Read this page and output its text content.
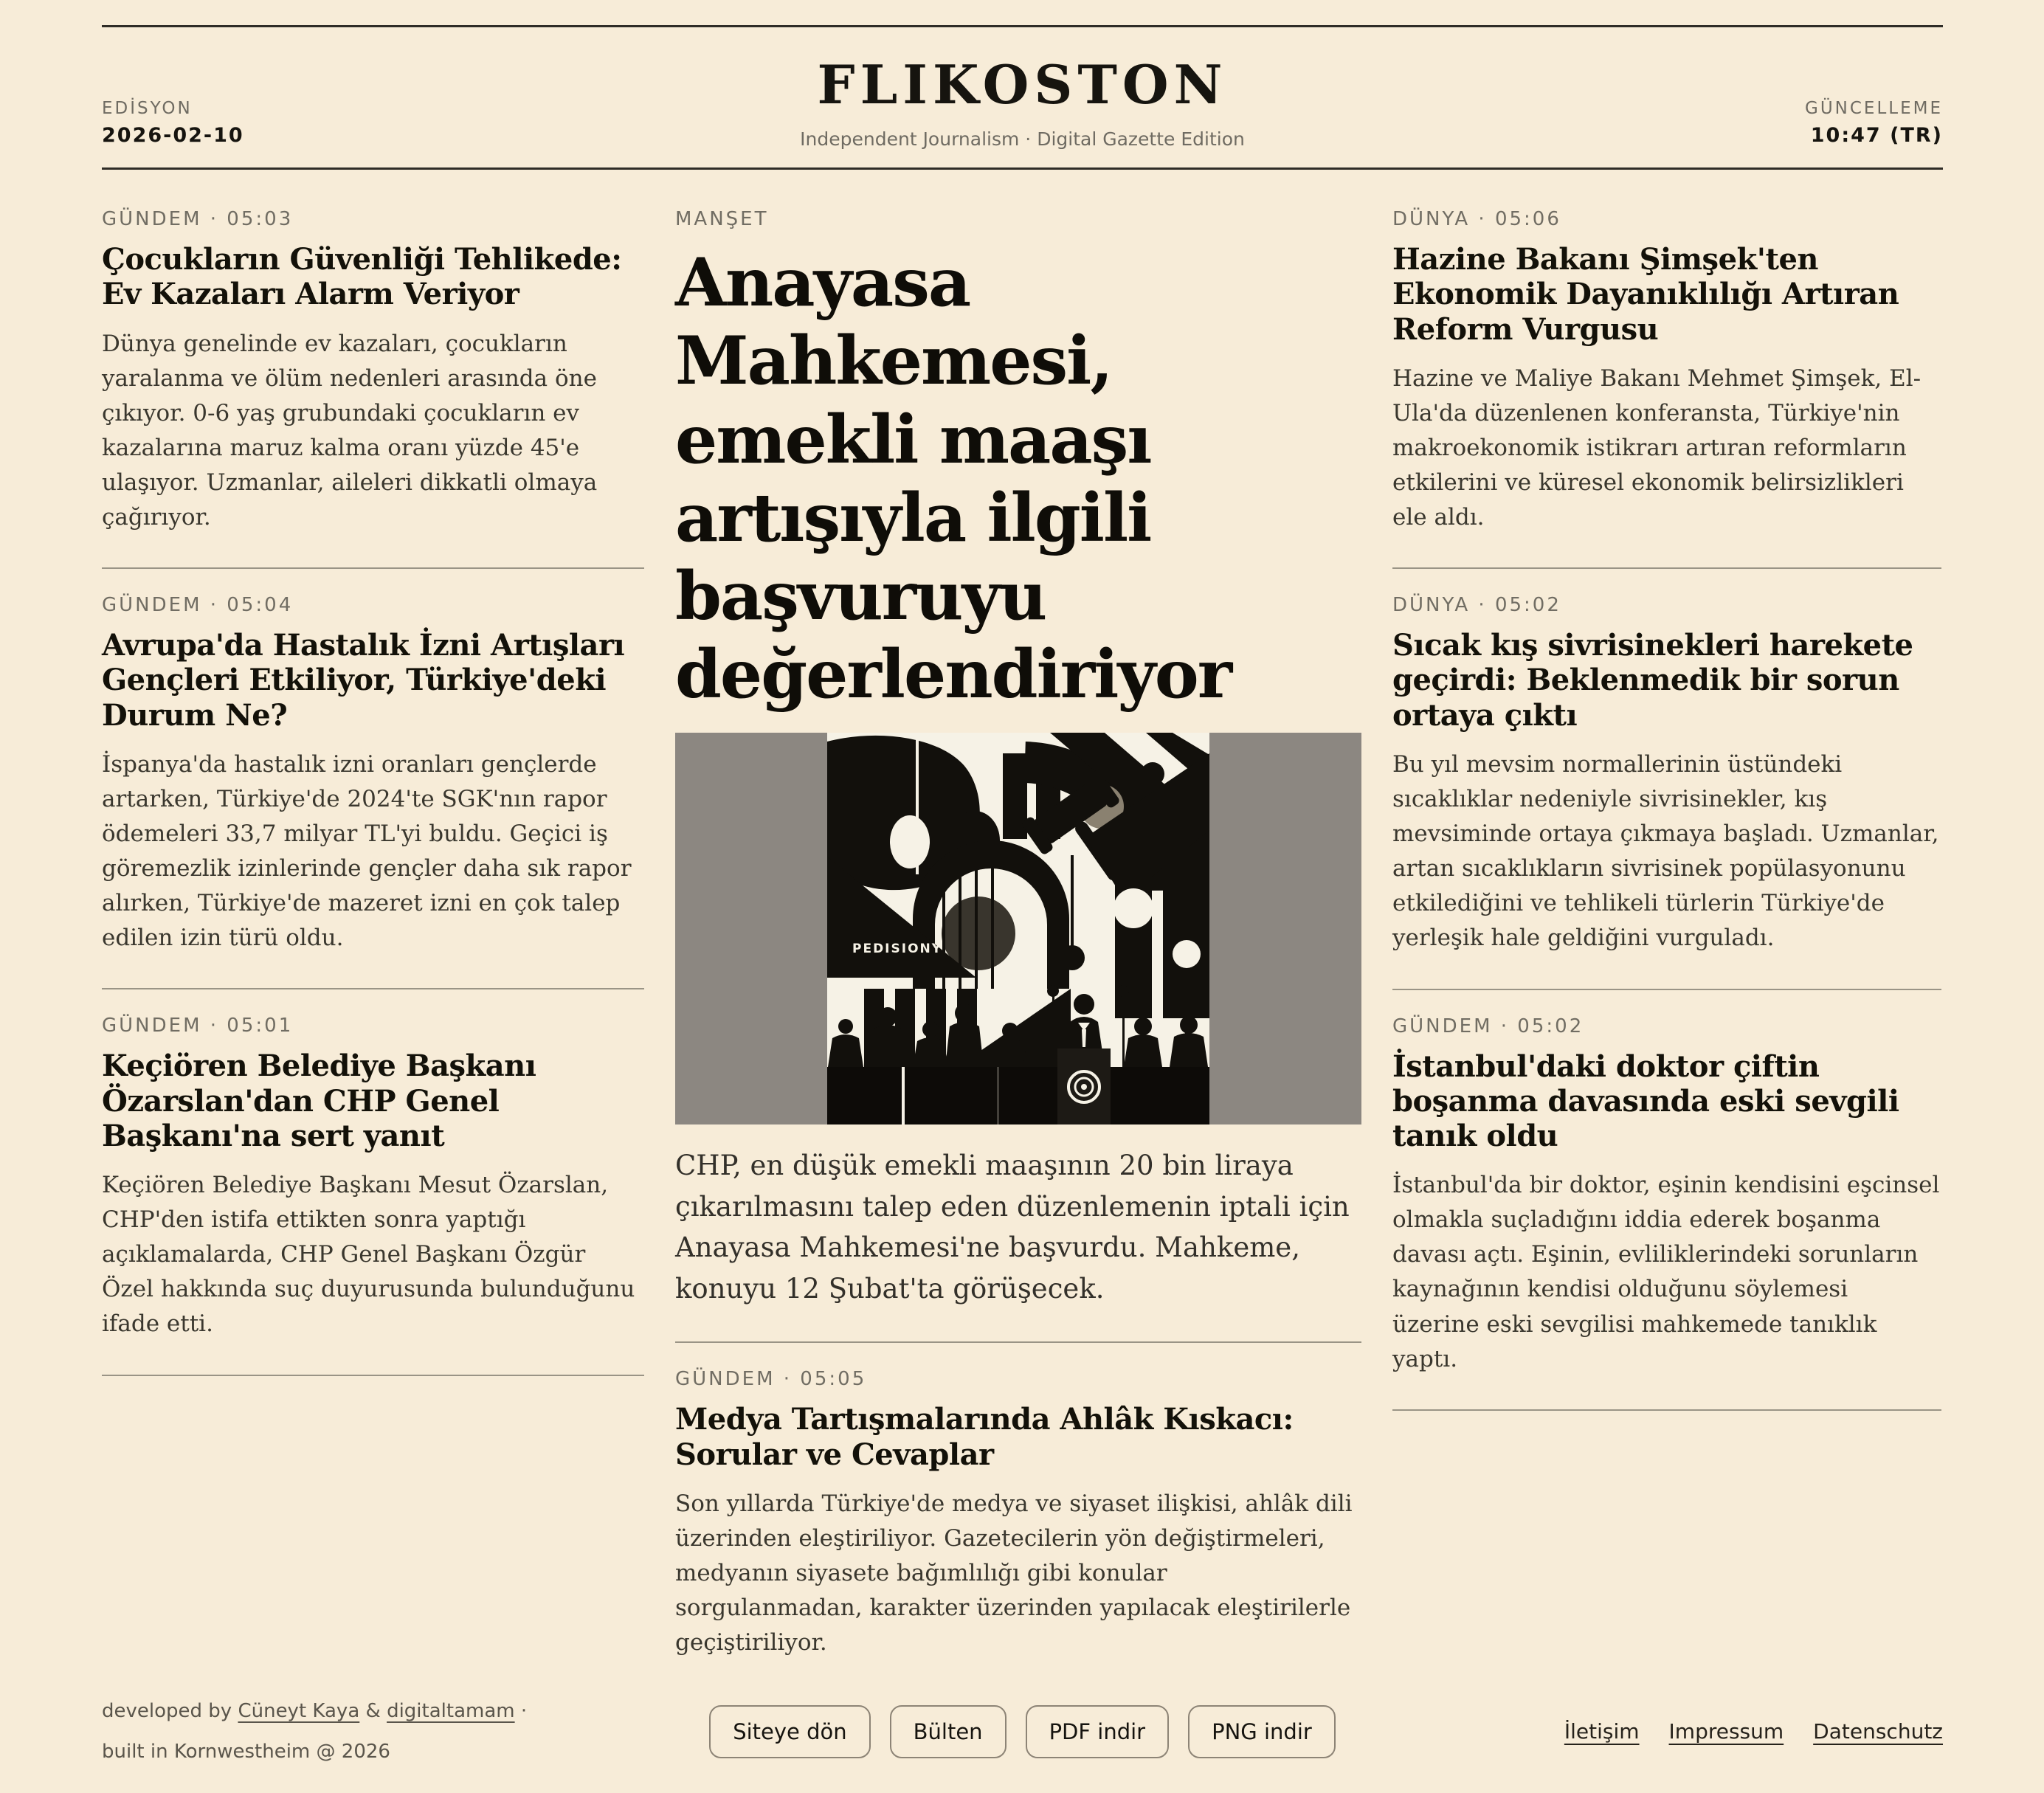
EDİSYON
2026-02-10
FLIKOSTON
Independent Journalism · Digital Gazette Edition
GÜNCELLEME
10:47 (TR)
GÜNDEM · 05:03
Çocukların Güvenliği Tehlikede: Ev Kazaları Alarm Veriyor

Dünya genelinde ev kazaları, çocukların yaralanma ve ölüm nedenleri arasında öne çıkıyor. 0-6 yaş grubundaki çocukların ev kazalarına maruz kalma oranı yüzde 45'e ulaşıyor. Uzmanlar, aileleri dikkatli olmaya çağırıyor.

GÜNDEM · 05:04
Avrupa'da Hastalık İzni Artışları Gençleri Etkiliyor, Türkiye'deki Durum Ne?

İspanya'da hastalık izni oranları gençlerde artarken, Türkiye'de 2024'te SGK'nın rapor ödemeleri 33,7 milyar TL'yi buldu. Geçici iş göremezlik izinlerinde gençler daha sık rapor alırken, Türkiye'de mazeret izni en çok talep edilen izin türü oldu.

GÜNDEM · 05:01
Keçiören Belediye Başkanı Özarslan'dan CHP Genel Başkanı'na sert yanıt

Keçiören Belediye Başkanı Mesut Özarslan, CHP'den istifa ettikten sonra yaptığı açıklamalarda, CHP Genel Başkanı Özgür Özel hakkında suç duyurusunda bulunduğunu ifade etti.

MANŞET
Anayasa Mahkemesi, emekli maaşı artışıyla ilgili başvuruyu değerlendiriyor
PEDISIONY

CHP, en düşük emekli maaşının 20 bin liraya çıkarılmasını talep eden düzenlemenin iptali için Anayasa Mahkemesi'ne başvurdu. Mahkeme, konuyu 12 Şubat'ta görüşecek.

GÜNDEM · 05:05
Medya Tartışmalarında Ahlâk Kıskacı: Sorular ve Cevaplar

Son yıllarda Türkiye'de medya ve siyaset ilişkisi, ahlâk dili üzerinden eleştiriliyor. Gazetecilerin yön değiştirmeleri, medyanın siyasete bağımlılığı gibi konular sorgulanmadan, karakter üzerinden yapılacak eleştirilerle geçiştiriliyor.

DÜNYA · 05:06
Hazine Bakanı Şimşek'ten Ekonomik Dayanıklılığı Artıran Reform Vurgusu

Hazine ve Maliye Bakanı Mehmet Şimşek, El-Ula'da düzenlenen konferansta, Türkiye'nin makroekonomik istikrarı artıran reformların etkilerini ve küresel ekonomik belirsizlikleri ele aldı.

DÜNYA · 05:02
Sıcak kış sivrisinekleri harekete geçirdi: Beklenmedik bir sorun ortaya çıktı

Bu yıl mevsim normallerinin üstündeki sıcaklıklar nedeniyle sivrisinekler, kış mevsiminde ortaya çıkmaya başladı. Uzmanlar, artan sıcaklıkların sivrisinek popülasyonunu etkilediğini ve tehlikeli türlerin Türkiye'de yerleşik hale geldiğini vurguladı.

GÜNDEM · 05:02
İstanbul'daki doktor çiftin boşanma davasında eski sevgili tanık oldu

İstanbul'da bir doktor, eşinin kendisini eşcinsel olmakla suçladığını iddia ederek boşanma davası açtı. Eşinin, evliliklerindeki sorunların kaynağının kendisi olduğunu söylemesi üzerine eski sevgilisi mahkemede tanıklık yaptı.

developed by Cüneyt Kaya & digitaltamam ·
built in Kornwestheim @ 2026
Siteye dön	Bülten	PDF indir	PNG indir	İletişim Impressum Datenschutz
